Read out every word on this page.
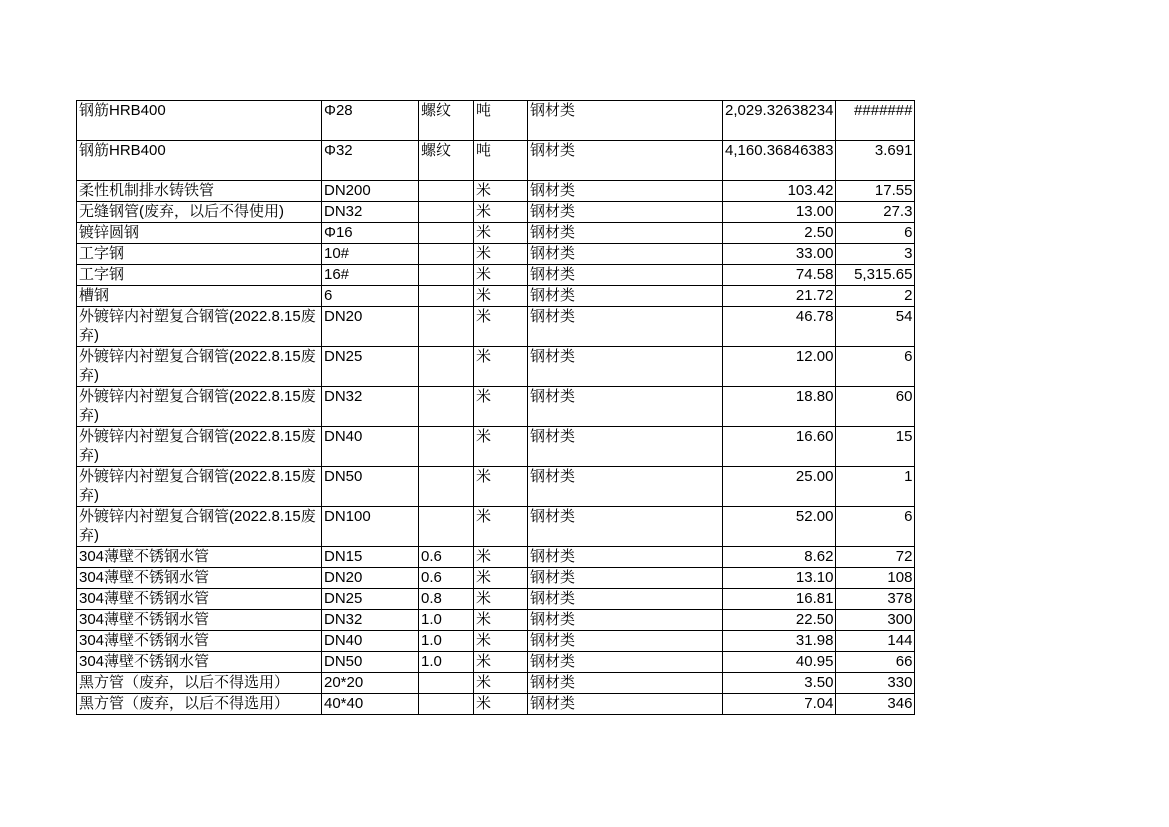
钢筋HRB400	Φ28	螺纹	吨	钢材类	2,029.32638234	#######
钢筋HRB400	Φ32	螺纹	吨	钢材类	4,160.36846383	3.691
柔性机制排水铸铁管	DN200		米	钢材类	103.42	17.55
无缝钢管(废弃，以后不得使用)	DN32		米	钢材类	13.00	27.3
镀锌圆钢	Φ16		米	钢材类	2.50	6
工字钢	10#		米	钢材类	33.00	3
工字钢	16#		米	钢材类	74.58	5,315.65
槽钢	6		米	钢材类	21.72	2
外镀锌内衬塑复合钢管(2022.8.15废弃)	DN20		米	钢材类	46.78	54
外镀锌内衬塑复合钢管(2022.8.15废弃)	DN25		米	钢材类	12.00	6
外镀锌内衬塑复合钢管(2022.8.15废弃)	DN32		米	钢材类	18.80	60
外镀锌内衬塑复合钢管(2022.8.15废弃)	DN40		米	钢材类	16.60	15
外镀锌内衬塑复合钢管(2022.8.15废弃)	DN50		米	钢材类	25.00	1
外镀锌内衬塑复合钢管(2022.8.15废弃)	DN100		米	钢材类	52.00	6
304薄壁不锈钢水管	DN15	0.6	米	钢材类	8.62	72
304薄壁不锈钢水管	DN20	0.6	米	钢材类	13.10	108
304薄壁不锈钢水管	DN25	0.8	米	钢材类	16.81	378
304薄壁不锈钢水管	DN32	1.0	米	钢材类	22.50	300
304薄壁不锈钢水管	DN40	1.0	米	钢材类	31.98	144
304薄壁不锈钢水管	DN50	1.0	米	钢材类	40.95	66
黑方管（废弃，以后不得选用）	20*20		米	钢材类	3.50	330
黑方管（废弃，以后不得选用）	40*40		米	钢材类	7.04	346
